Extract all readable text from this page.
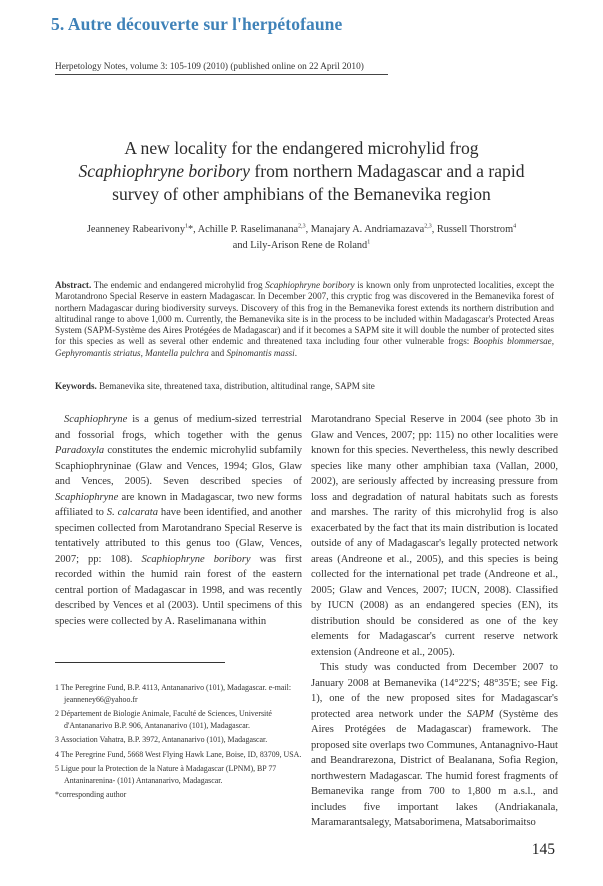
5. Autre découverte sur l'herpétofaune
Herpetology Notes, volume 3: 105-109 (2010) (published online on 22 April 2010)

A new locality for the endangered microhylid frog

Scaphiophryne boribory from northern Madagascar and a rapid

survey of other amphibians of the Bemanevika region

Jeanneney Rabearivony$^1$*, Achille P. Raselimanana$^{2,3}$, Manajary A. Andriamazava$^{2,3}$, Russell Thorstrom$^4$

and Lily-Arison Rene de Roland$^1$

Abstract. The endemic and endangered microhylid frog Scaphiophryne boribory is known only from unprotected localities, except the Marotandrono Special Reserve in eastern Madagascar. In December 2007, this cryptic frog was discovered in the Bemanevika forest of northern Madagascar during biodiversity surveys. Discovery of this frog in the Bemanevika forest extends its northern distribution and altitudinal range to above 1,000 m. Currently, the Bemanevika site is in the process to be included within Madagascar's Protected Areas System (SAPM-Système des Aires Protégées de Madagascar) and if it becomes a SAPM site it will double the number of protected sites for this species as well as several other endemic and threatened taxa including four other vulnerable frogs: Boophis blommersae, Gephyromantis striatus, Mantella pulchra and Spinomantis massi.

Keywords. Bemanevika site, threatened taxa, distribution, altitudinal range, SAPM site

Scaphiophryne is a genus of medium-sized terrestrial and fossorial frogs, which together with the genus Paradoxyla constitutes the endemic microhylid subfamily Scaphiophryninae (Glaw and Vences, 1994; Glos, Glaw and Vences, 2005). Seven described species of Scaphiophryne are known in Madagascar, two new forms affiliated to S. calcarata have been identified, and another specimen collected from Marotandrano Special Reserve is tentatively attributed to this genus too (Glaw, Vences, 2007; pp: 108). Scaphiophryne boribory was first recorded within the humid rain forest of the eastern central portion of Madagascar in 1998, and was recently described by Vences et al (2003). Until specimens of this species were collected by A. Raselimanana within

1 The Peregrine Fund, B.P. 4113, Antananarivo (101), Madagascar. e-mail: jeanneney66@yahoo.fr

2 Département de Biologie Animale, Faculté de Sciences, Université d'Antananarivo B.P. 906, Antananarivo (101), Madagascar.

3 Association Vahatra, B.P. 3972, Antananarivo (101), Madagascar.

4 The Peregrine Fund, 5668 West Flying Hawk Lane, Boise, ID, 83709, USA.

5 Ligue pour la Protection de la Nature à Madagascar (LPNM), BP 77 Antaninarenina- (101) Antananarivo, Madagascar.

*corresponding author

Marotandrano Special Reserve in 2004 (see photo 3b in Glaw and Vences, 2007; pp: 115) no other localities were known for this species. Nevertheless, this newly described species like many other amphibian taxa (Vallan, 2000, 2002), are seriously affected by increasing pressure from loss and degradation of natural habitats such as forests and marshes. The rarity of this microhylid frog is also exacerbated by the fact that its main distribution is located outside of any of Madagascar's legally protected network areas (Andreone et al., 2005), and this species is being collected for the international pet trade (Andreone et al., 2005; Glaw and Vences, 2007; IUCN, 2008). Classified by IUCN (2008) as an endangered species (EN), its distribution should be considered as one of the key elements for Madagascar's current reserve network extension (Andreone et al., 2005).

This study was conducted from December 2007 to January 2008 at Bemanevika (14°22'S; 48°35'E; see Fig. 1), one of the new proposed sites for Madagascar's protected area network under the SAPM (Système des Aires Protégées de Madagascar) framework. The proposed site overlaps two Communes, Antanagnivo-Haut and Beandrarezona, District of Bealanana, Sofia Region, northwestern Madagascar. The humid forest fragments of Bemanevika range from 700 to 1,800 m a.s.l., and includes five important lakes (Andriakanala, Maramarantsalegy, Matsaborimena, Matsaborimaitso

145
